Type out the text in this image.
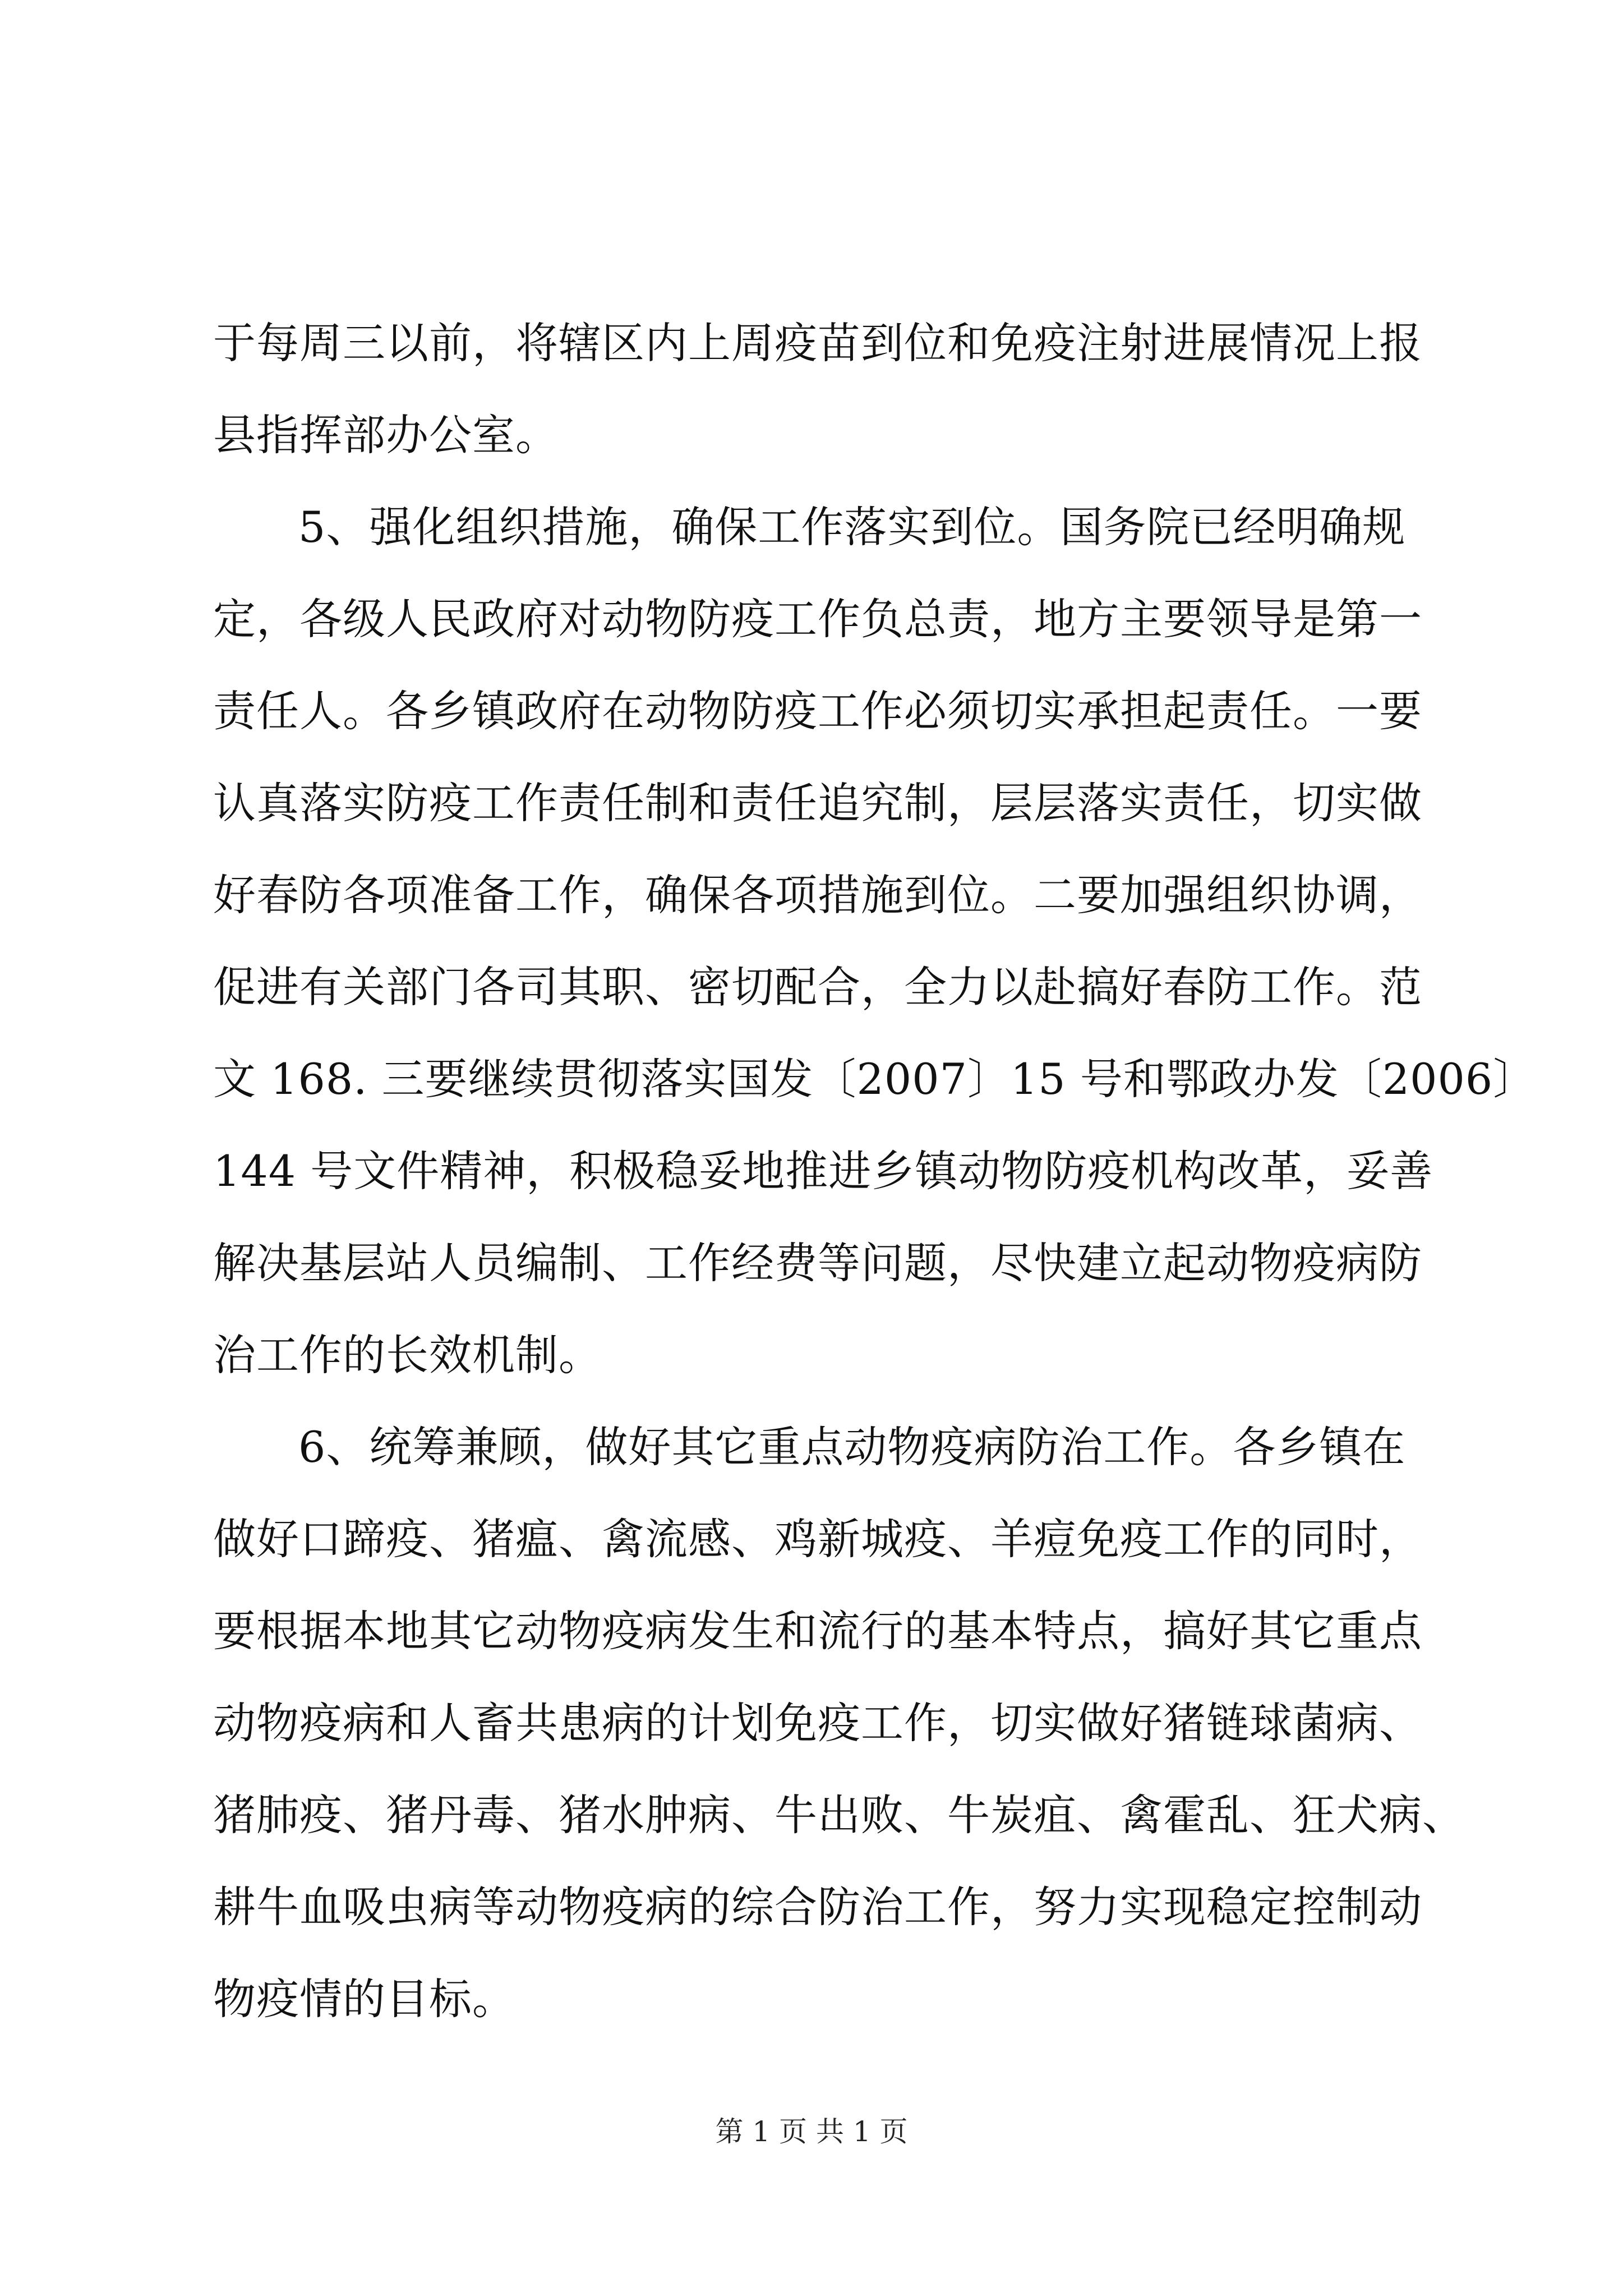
于每周三以前，将辖区内上周疫苗到位和免疫注射进展情况上报
县指挥部办公室。
5、强化组织措施，确保工作落实到位。国务院已经明确规
定，各级人民政府对动物防疫工作负总责，地方主要领导是第一
责任人。各乡镇政府在动物防疫工作必须切实承担起责任。一要
认真落实防疫工作责任制和责任追究制，层层落实责任，切实做
好春防各项准备工作，确保各项措施到位。二要加强组织协调，
促进有关部门各司其职、密切配合，全力以赴搞好春防工作。范
文 168. 三要继续贯彻落实国发〔2007〕15 号和鄂政办发〔2006〕
144 号文件精神，积极稳妥地推进乡镇动物防疫机构改革，妥善
解决基层站人员编制、工作经费等问题，尽快建立起动物疫病防
治工作的长效机制。
6、统筹兼顾，做好其它重点动物疫病防治工作。各乡镇在
做好口蹄疫、猪瘟、禽流感、鸡新城疫、羊痘免疫工作的同时，
要根据本地其它动物疫病发生和流行的基本特点，搞好其它重点
动物疫病和人畜共患病的计划免疫工作，切实做好猪链球菌病、
猪肺疫、猪丹毒、猪水肿病、牛出败、牛炭疽、禽霍乱、狂犬病、
耕牛血吸虫病等动物疫病的综合防治工作，努力实现稳定控制动
物疫情的目标。
第 1 页 共 1 页
